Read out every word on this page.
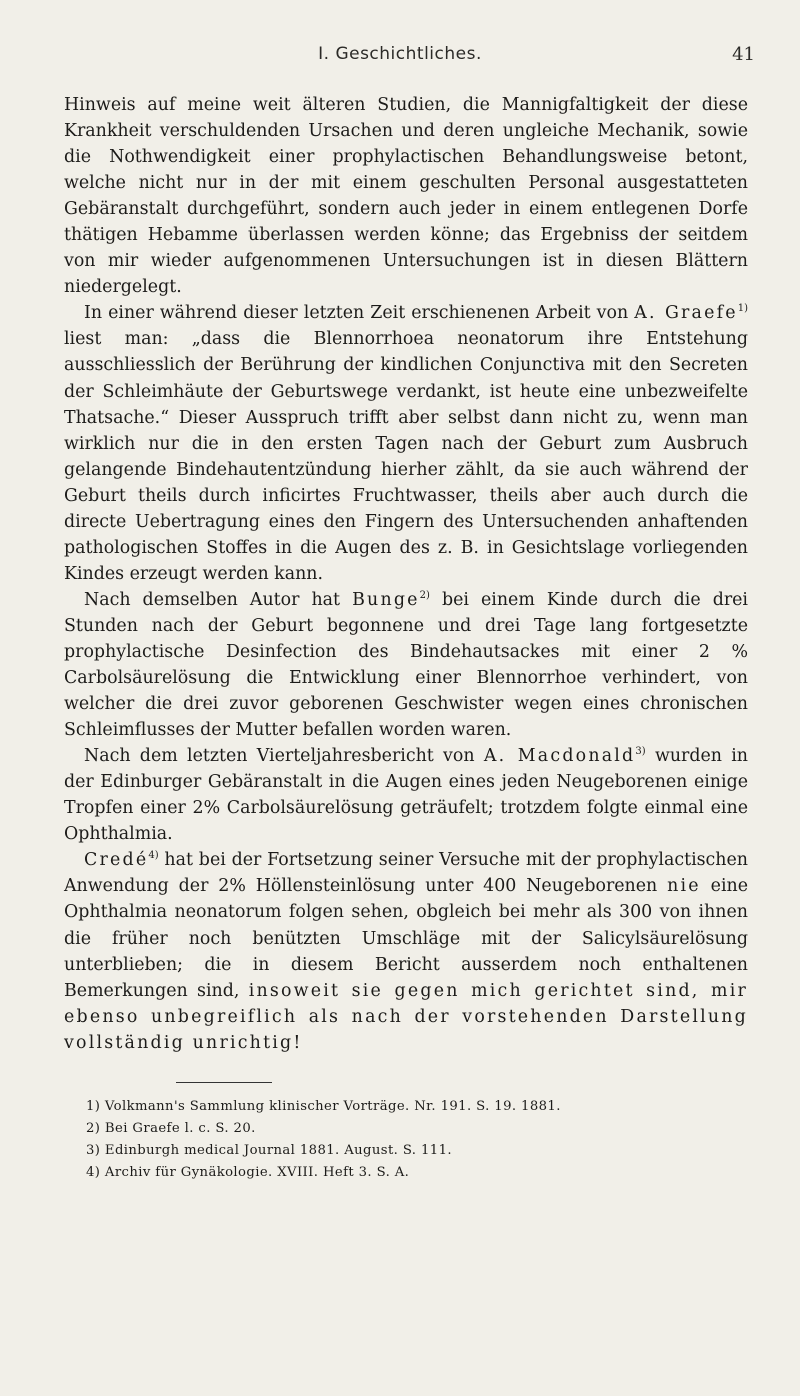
I. Geschichtliches.	41

Hinweis auf meine weit älteren Studien, die Mannigfaltigkeit der diese Krankheit verschuldenden Ursachen und deren ungleiche Mechanik, sowie die Nothwendigkeit einer prophylactischen Behandlungsweise betont, welche nicht nur in der mit einem geschulten Personal ausgestatteten Gebäranstalt durchgeführt, sondern auch jeder in einem entlegenen Dorfe thätigen Hebamme überlassen werden könne; das Ergebniss der seitdem von mir wieder aufgenommenen Untersuchungen ist in diesen Blättern niedergelegt.

In einer während dieser letzten Zeit erschienenen Arbeit von A. Graefe$^{1)}$ liest man: „dass die Blennorrhoea neonatorum ihre Entstehung ausschliesslich der Berührung der kindlichen Conjunctiva mit den Secreten der Schleimhäute der Geburtswege verdankt, ist heute eine unbezweifelte Thatsache.“ Dieser Ausspruch trifft aber selbst dann nicht zu, wenn man wirklich nur die in den ersten Tagen nach der Geburt zum Ausbruch gelangende Bindehautentzündung hierher zählt, da sie auch während der Geburt theils durch inficirtes Fruchtwasser, theils aber auch durch die directe Uebertragung eines den Fingern des Untersuchenden anhaftenden pathologischen Stoffes in die Augen des z. B. in Gesichtslage vorliegenden Kindes erzeugt werden kann.

Nach demselben Autor hat Bunge$^{2)}$ bei einem Kinde durch die drei Stunden nach der Geburt begonnene und drei Tage lang fortgesetzte prophylactische Desinfection des Bindehautsackes mit einer 2 % Carbolsäurelösung die Entwicklung einer Blennorrhoe verhindert, von welcher die drei zuvor geborenen Geschwister wegen eines chronischen Schleimflusses der Mutter befallen worden waren.

Nach dem letzten Vierteljahresbericht von A. Macdonald$^{3)}$ wurden in der Edinburger Gebäranstalt in die Augen eines jeden Neugeborenen einige Tropfen einer 2% Carbolsäurelösung geträufelt; trotzdem folgte einmal eine Ophthalmia.

Credé$^{4)}$ hat bei der Fortsetzung seiner Versuche mit der prophylactischen Anwendung der 2% Höllensteinlösung unter 400 Neugeborenen nie eine Ophthalmia neonatorum folgen sehen, obgleich bei mehr als 300 von ihnen die früher noch benützten Umschläge mit der Salicylsäurelösung unterblieben; die in diesem Bericht ausserdem noch enthaltenen Bemerkungen sind, insoweit sie gegen mich gerichtet sind, mir ebenso unbegreiflich als nach der vorstehenden Darstellung vollständig unrichtig!

1) Volkmann's Sammlung klinischer Vorträge. Nr. 191. S. 19. 1881.
2) Bei Graefe l. c. S. 20.
3) Edinburgh medical Journal 1881. August. S. 111.
4) Archiv für Gynäkologie. XVIII. Heft 3. S. A.
